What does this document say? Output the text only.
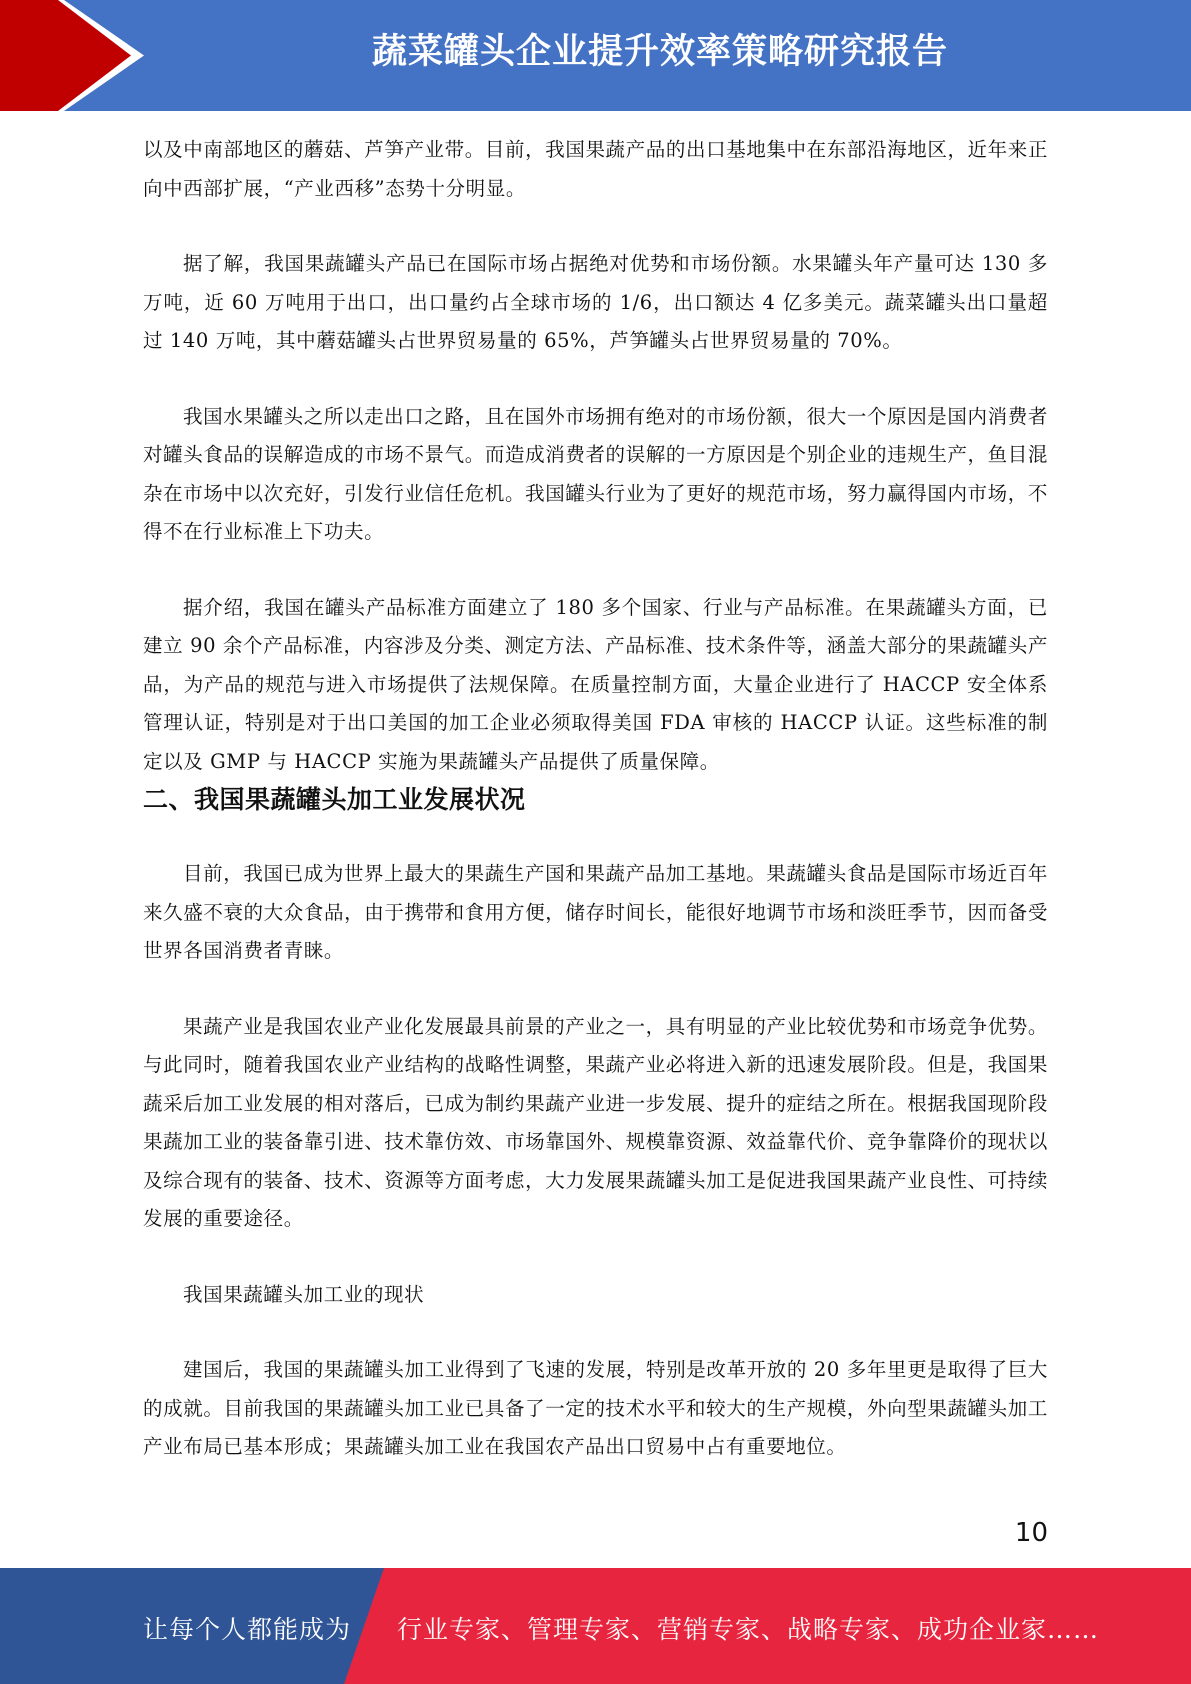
蔬菜罐头企业提升效率策略研究报告

以及中南部地区的蘑菇、芦笋产业带。目前，我国果蔬产品的出口基地集中在东部沿海地区，近年来正向中西部扩展，“产业西移”态势十分明显。

据了解，我国果蔬罐头产品已在国际市场占据绝对优势和市场份额。水果罐头年产量可达 130 多万吨，近 60 万吨用于出口，出口量约占全球市场的 1/6，出口额达 4 亿多美元。蔬菜罐头出口量超过 140 万吨，其中蘑菇罐头占世界贸易量的 65%，芦笋罐头占世界贸易量的 70%。

我国水果罐头之所以走出口之路，且在国外市场拥有绝对的市场份额，很大一个原因是国内消费者对罐头食品的误解造成的市场不景气。而造成消费者的误解的一方原因是个别企业的违规生产，鱼目混杂在市场中以次充好，引发行业信任危机。我国罐头行业为了更好的规范市场，努力赢得国内市场，不得不在行业标准上下功夫。

据介绍，我国在罐头产品标准方面建立了 180 多个国家、行业与产品标准。在果蔬罐头方面，已建立 90 余个产品标准，内容涉及分类、测定方法、产品标准、技术条件等，涵盖大部分的果蔬罐头产品，为产品的规范与进入市场提供了法规保障。在质量控制方面，大量企业进行了 HACCP 安全体系管理认证，特别是对于出口美国的加工企业必须取得美国 FDA 审核的 HACCP 认证。这些标准的制定以及 GMP 与 HACCP 实施为果蔬罐头产品提供了质量保障。

二、我国果蔬罐头加工业发展状况

目前，我国已成为世界上最大的果蔬生产国和果蔬产品加工基地。果蔬罐头食品是国际市场近百年来久盛不衰的大众食品，由于携带和食用方便，储存时间长，能很好地调节市场和淡旺季节，因而备受世界各国消费者青睐。

果蔬产业是我国农业产业化发展最具前景的产业之一，具有明显的产业比较优势和市场竞争优势。与此同时，随着我国农业产业结构的战略性调整，果蔬产业必将进入新的迅速发展阶段。但是，我国果蔬采后加工业发展的相对落后，已成为制约果蔬产业进一步发展、提升的症结之所在。根据我国现阶段果蔬加工业的装备靠引进、技术靠仿效、市场靠国外、规模靠资源、效益靠代价、竞争靠降价的现状以及综合现有的装备、技术、资源等方面考虑，大力发展果蔬罐头加工是促进我国果蔬产业良性、可持续发展的重要途径。

我国果蔬罐头加工业的现状

建国后，我国的果蔬罐头加工业得到了飞速的发展，特别是改革开放的 20 多年里更是取得了巨大的成就。目前我国的果蔬罐头加工业已具备了一定的技术水平和较大的生产规模，外向型果蔬罐头加工产业布局已基本形成；果蔬罐头加工业在我国农产品出口贸易中占有重要地位。

10
让每个人都能成为 行业专家、管理专家、营销专家、战略专家、成功企业家……
